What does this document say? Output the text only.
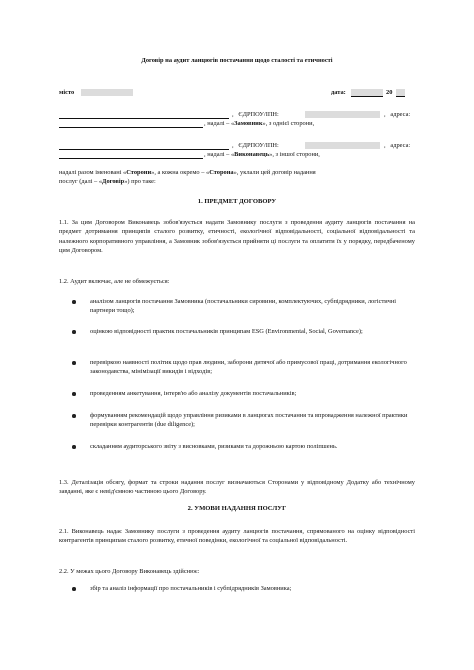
Договір на аудит ланцюгів постачання щодо сталості та етичності
місто	дата:	20
,   ЄДРПОУ/ІПН:	,   адреса:
, надалі – «Замовник», з однієї сторони,
,   ЄДРПОУ/ІПН:	,   адреса:
, надалі – «Виконавець», з іншої сторони,
надалі разом іменовані «Сторони», а кожна окремо – «Сторона», уклали цей договір надання
послуг (далі – «Договір») про таке:
1. ПРЕДМЕТ ДОГОВОРУ
1.1. За цим Договором Виконавець зобов'язується надати Замовнику послуги з проведення аудиту ланцюгів постачання на предмет дотримання принципів сталого розвитку, етичності, екологічної відповідальності, соціальної відповідальності та належного корпоративного управління, а Замовник зобов'язується прийняти ці послуги та оплатити їх у порядку, передбаченому цим Договором.
1.2. Аудит включає, але не обмежується:
аналізом ланцюгів постачання Замовника (постачальники сировини, комплектуючих, субпідрядники, логістичні партнери тощо);
оцінкою відповідності практик постачальників принципам ESG (Environmental, Social, Governance);
перевіркою наявності політик щодо прав людини, заборони дитячої або примусової праці, дотримання екологічного законодавства, мінімізації викидів і відходів;
проведенням анкетування, інтерв'ю або аналізу документів постачальників;
формуванням рекомендацій щодо управління ризиками в ланцюгах постачання та впровадження належної практики перевірки контрагентів (due diligence);
складанням аудиторського звіту з висновками, ризиками та дорожньою картою поліпшень.
1.3. Деталізація обсягу, формат та строки надання послуг визначаються Сторонами у відповідному Додатку або технічному завданні, яке є невід'ємною частиною цього Договору.
2. УМОВИ НАДАННЯ ПОСЛУГ
2.1. Виконавець надає Замовнику послуги з проведення аудиту ланцюгів постачання, спрямованого на оцінку відповідності контрагентів принципам сталого розвитку, етичної поведінки, екологічної та соціальної відповідальності.
2.2. У межах цього Договору Виконавець здійснює:
збір та аналіз інформації про постачальників і субпідрядників Замовника;
